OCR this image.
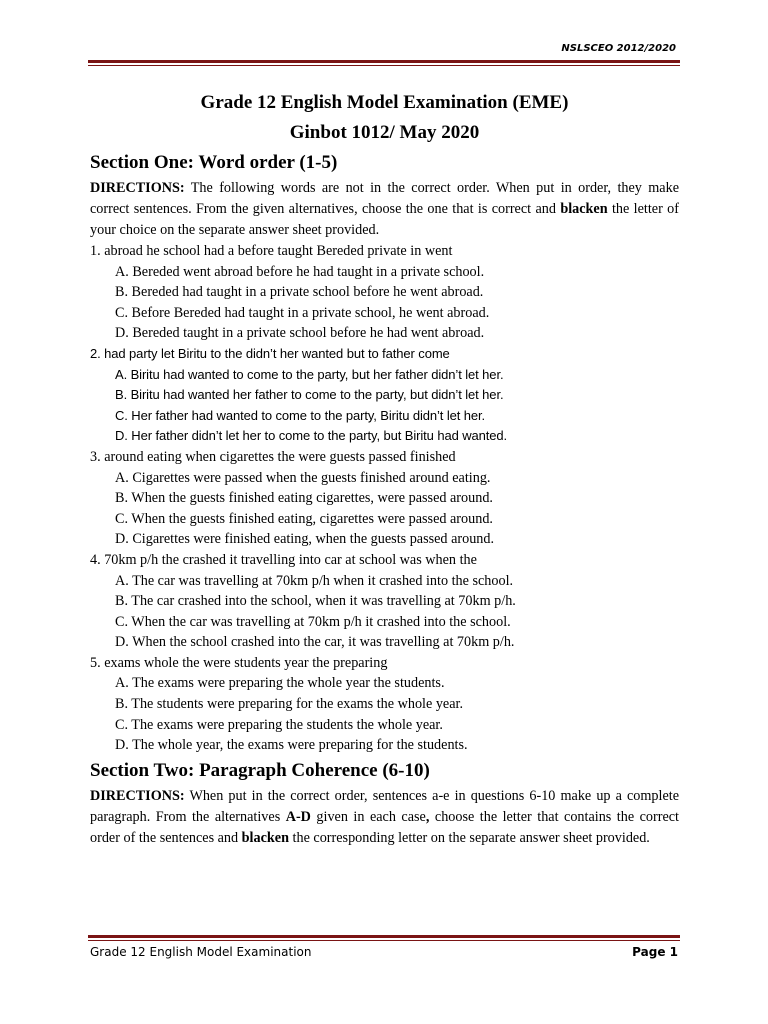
NSLSCEO 2012/2020
Grade 12 English Model Examination (EME)
Ginbot 1012/ May 2020
Section One: Word order (1-5)

DIRECTIONS: The following words are not in the correct order. When put in order, they make correct sentences. From the given alternatives, choose the one that is correct and blacken the letter of your choice on the separate answer sheet provided.

1. abroad he school had a before taught Bereded private in went
A. Bereded went abroad before he had taught in a private school.
B. Bereded had taught in a private school before he went abroad.
C. Before Bereded had taught in a private school, he went abroad.
D. Bereded taught in a private school before he had went abroad.
2. had party let Biritu to the didn’t her wanted but to father come
A. Biritu had wanted to come to the party, but her father didn’t let her.
B. Biritu had wanted her father to come to the party, but didn’t let her.
C. Her father had wanted to come to the party, Biritu didn’t let her.
D. Her father didn’t let her to come to the party, but Biritu had wanted.
3. around eating when cigarettes the were guests passed finished
A. Cigarettes were passed when the guests finished around eating.
B. When the guests finished eating cigarettes, were passed around.
C. When the guests finished eating, cigarettes were passed around.
D. Cigarettes were finished eating, when the guests passed around.
4. 70km p/h the crashed it travelling into car at school was when the
A. The car was travelling at 70km p/h when it crashed into the school.
B. The car crashed into the school, when it was travelling at 70km p/h.
C. When the car was travelling at 70km p/h it crashed into the school.
D. When the school crashed into the car, it was travelling at 70km p/h.
5. exams whole the were students year the preparing
A. The exams were preparing the whole year the students.
B. The students were preparing for the exams the whole year.
C. The exams were preparing the students the whole year.
D. The whole year, the exams were preparing for the students.
Section Two: Paragraph Coherence (6-10)

DIRECTIONS: When put in the correct order, sentences a-e in questions 6-10 make up a complete paragraph. From the alternatives A-D given in each case, choose the letter that contains the correct order of the sentences and blacken the corresponding letter on the separate answer sheet provided.

Grade 12 English Model Examination	Page 1
